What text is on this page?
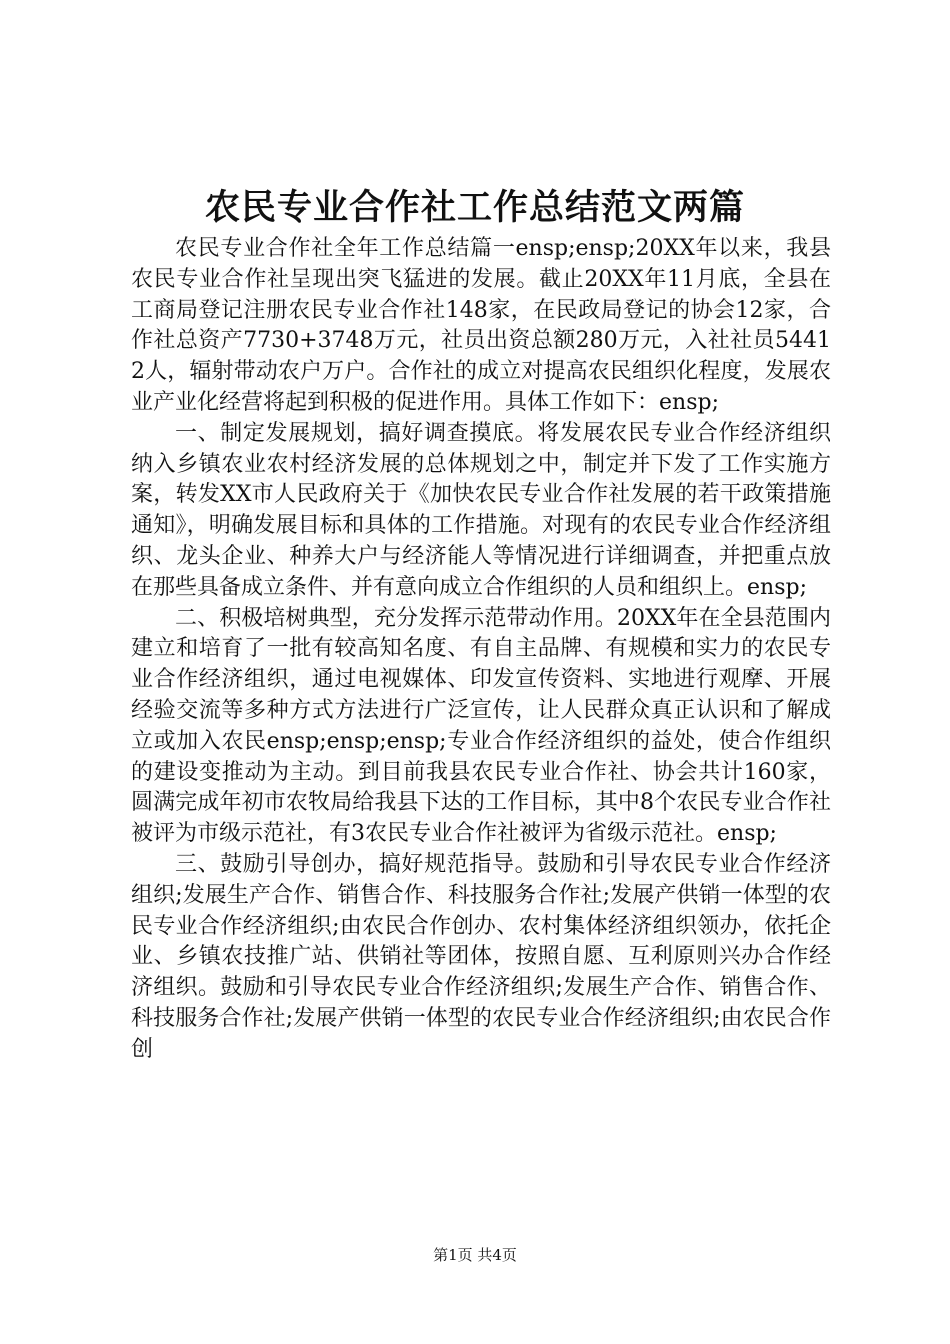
农民专业合作社工作总结范文两篇

农民专业合作社全年工作总结篇一ensp;ensp;20XX年以来，我县农民专业合作社呈现出突飞猛进的发展。截止20XX年11月底，全县在工商局登记注册农民专业合作社148家，在民政局登记的协会12家，合作社总资产7730+3748万元，社员出资总额280万元，入社社员54412人，辐射带动农户万户。合作社的成立对提高农民组织化程度，发展农业产业化经营将起到积极的促进作用。具体工作如下：ensp;

一、制定发展规划，搞好调查摸底。将发展农民专业合作经济组织纳入乡镇农业农村经济发展的总体规划之中，制定并下发了工作实施方案，转发XX市人民政府关于《加快农民专业合作社发展的若干政策措施通知》，明确发展目标和具体的工作措施。对现有的农民专业合作经济组织、龙头企业、种养大户与经济能人等情况进行详细调查，并把重点放在那些具备成立条件、并有意向成立合作组织的人员和组织上。ensp;

二、积极培树典型，充分发挥示范带动作用。20XX年在全县范围内建立和培育了一批有较高知名度、有自主品牌、有规模和实力的农民专业合作经济组织，通过电视媒体、印发宣传资料、实地进行观摩、开展经验交流等多种方式方法进行广泛宣传，让人民群众真正认识和了解成立或加入农民ensp;ensp;ensp;专业合作经济组织的益处，使合作组织的建设变推动为主动。到目前我县农民专业合作社、协会共计160家，圆满完成年初市农牧局给我县下达的工作目标，其中8个农民专业合作社被评为市级示范社，有3农民专业合作社被评为省级示范社。ensp;

三、鼓励引导创办，搞好规范指导。鼓励和引导农民专业合作经济组织;发展生产合作、销售合作、科技服务合作社;发展产供销一体型的农民专业合作经济组织;由农民合作创办、农村集体经济组织领办，依托企业、乡镇农技推广站、供销社等团体，按照自愿、互利原则兴办合作经济组织。鼓励和引导农民专业合作经济组织;发展生产合作、销售合作、科技服务合作社;发展产供销一体型的农民专业合作经济组织;由农民合作创

第1页 共4页
